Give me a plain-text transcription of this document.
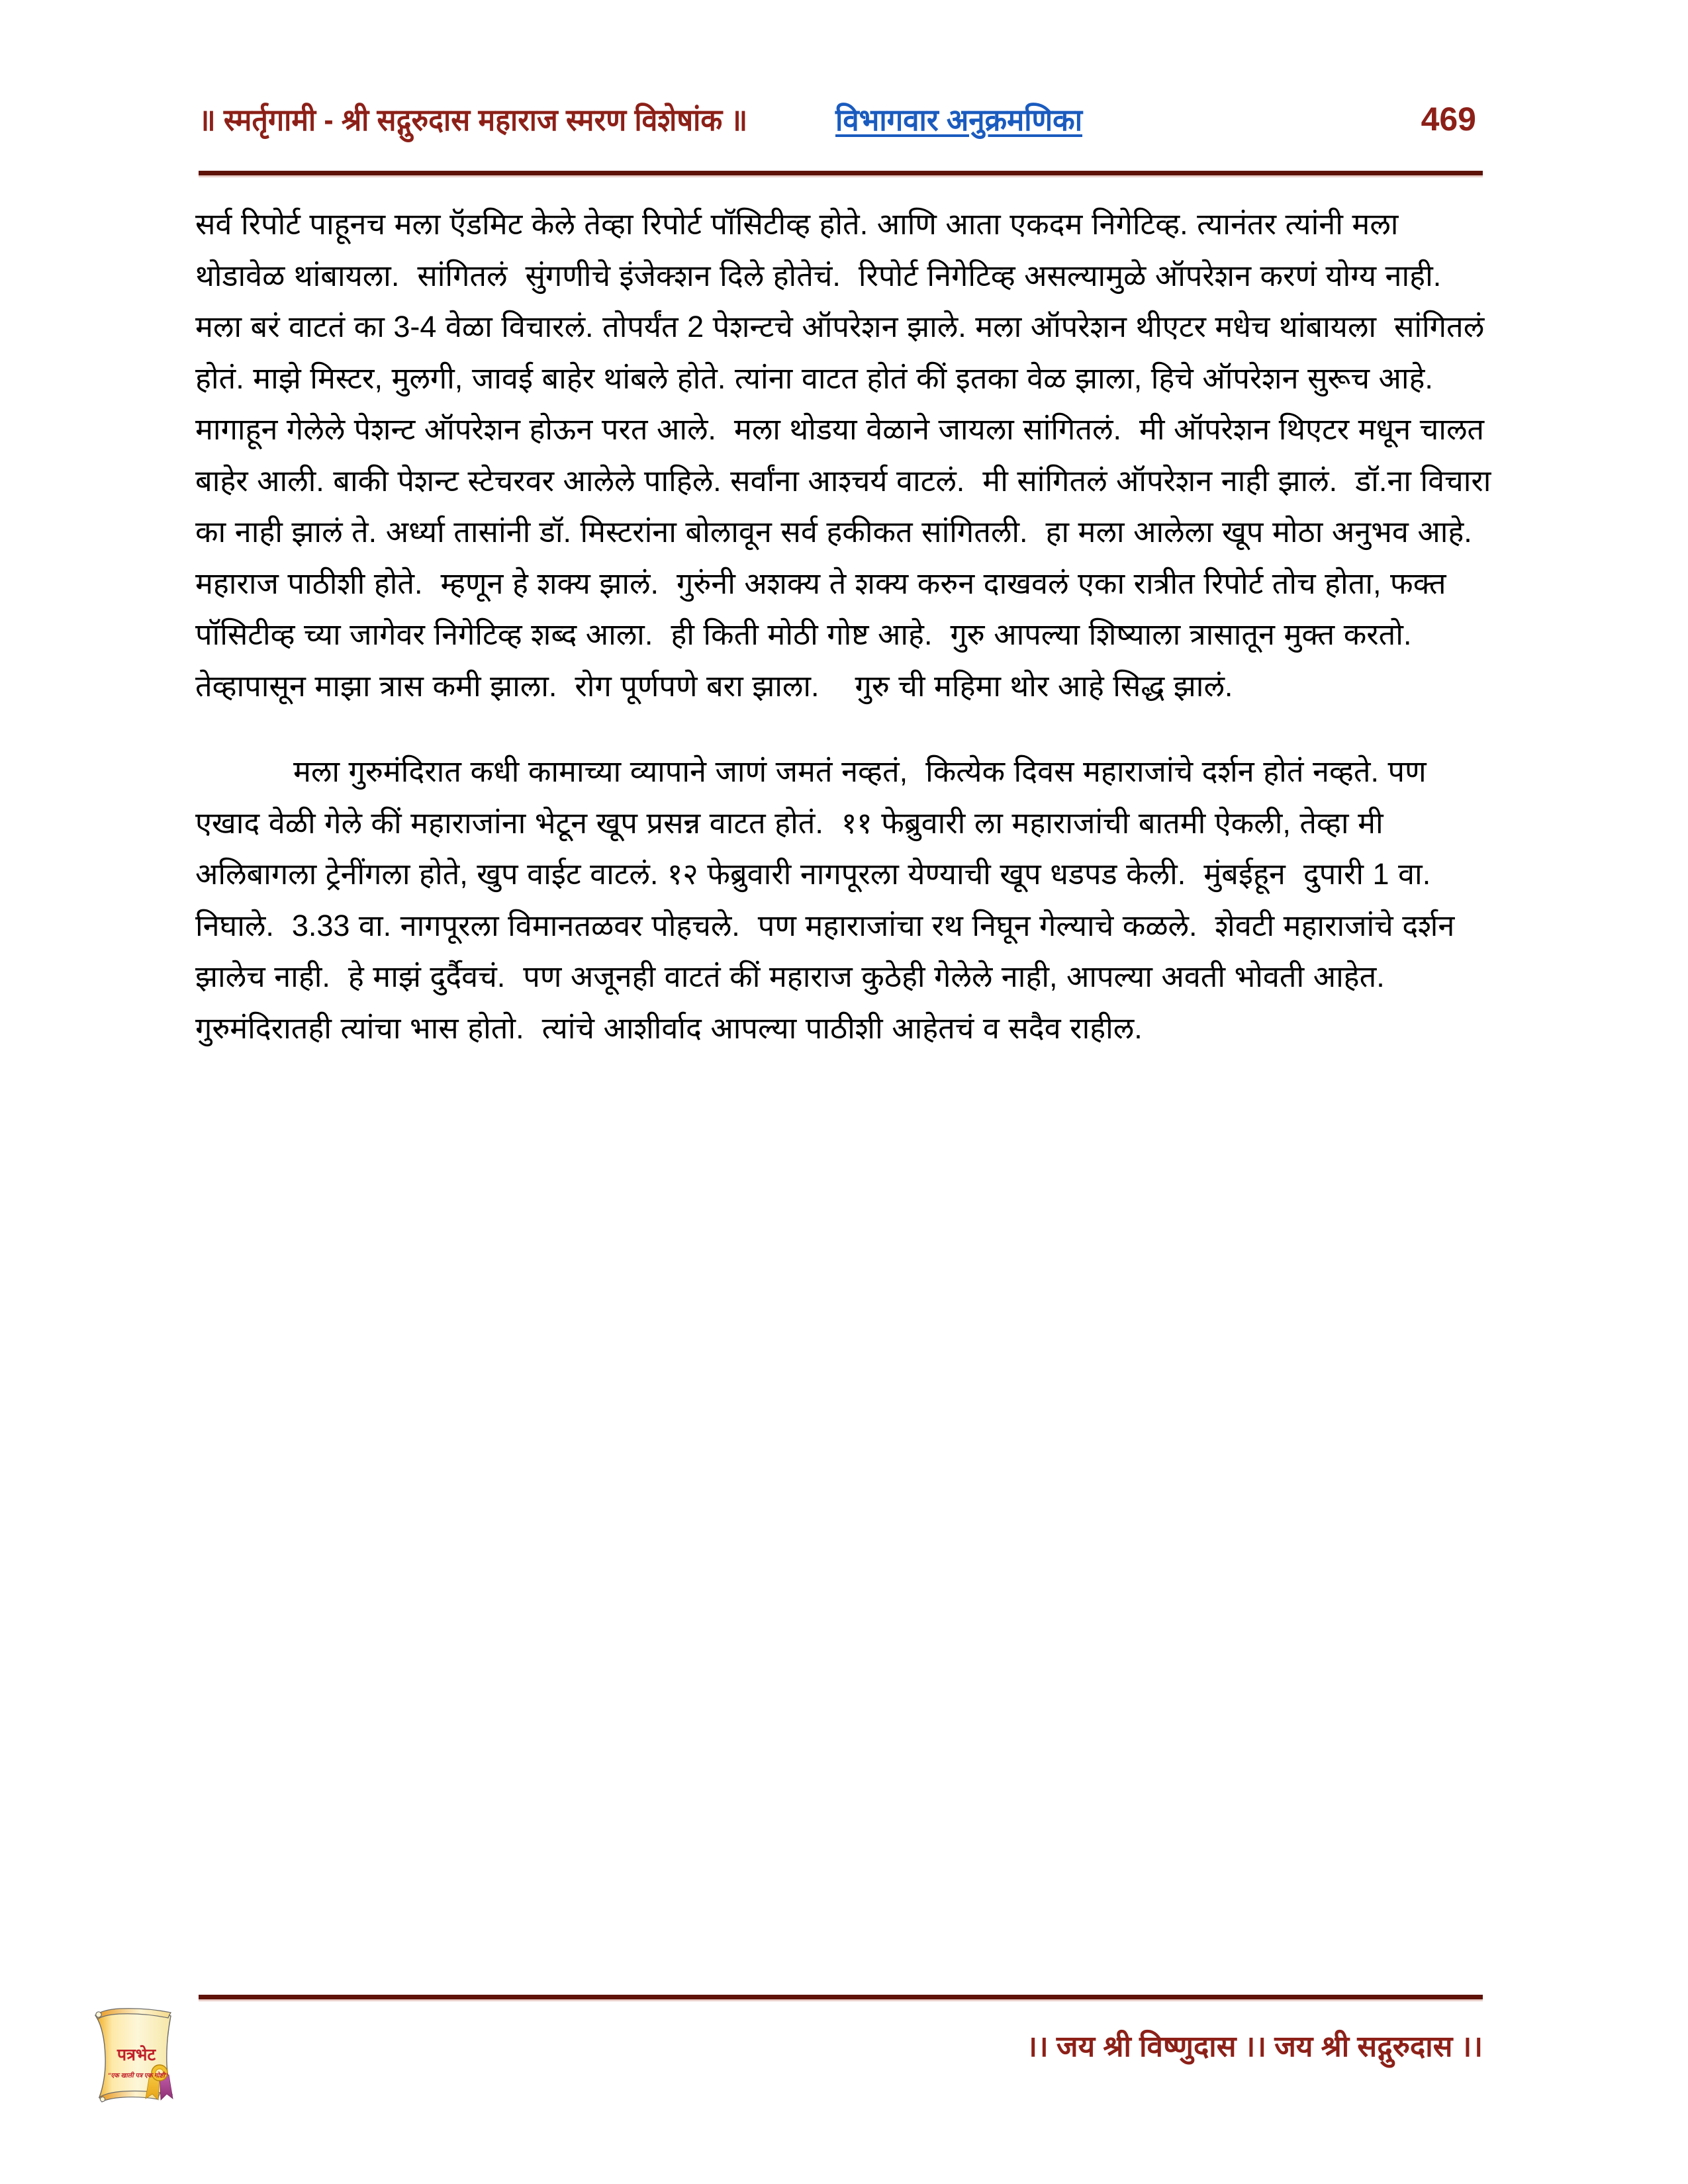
॥ स्मर्तृगामी - श्री सद्गुरुदास महाराज स्मरण विशेषांक ॥	विभागवार अनुक्रमणिका	469

सर्व रिपोर्ट पाहूनच मला ऍडमिट केले तेव्हा रिपोर्ट पॉसिटीव्ह होते. आणि आता एकदम निगेटिव्ह. त्यानंतर त्यांनी मला थोडावेळ थांबायला.  सांगितलं  सुंगणीचे इंजेक्शन दिले होतेचं.  रिपोर्ट निगेटिव्ह असल्यामुळे ऑपरेशन करणं योग्य नाही.  मला बरं वाटतं का 3-4 वेळा विचारलं. तोपर्यंत 2 पेशन्टचे ऑपरेशन झाले. मला ऑपरेशन थीएटर मधेच थांबायला  सांगितलं होतं. माझे मिस्टर, मुलगी, जावई बाहेर थांबले होते. त्यांना वाटत होतं कीं इतका वेळ झाला, हिचे ऑपरेशन सुरूच आहे.  मागाहून गेलेले पेशन्ट ऑपरेशन होऊन परत आले.  मला थोडया वेळाने जायला सांगितलं.  मी ऑपरेशन थिएटर मधून चालत बाहेर आली. बाकी पेशन्ट स्टेचरवर आलेले पाहिले. सर्वांना आश्चर्य वाटलं.  मी सांगितलं ऑपरेशन नाही झालं.  डॉ.ना विचारा का नाही झालं ते. अर्ध्या तासांनी डॉ. मिस्टरांना बोलावून सर्व हकीकत सांगितली.  हा मला आलेला खूप मोठा अनुभव आहे.  महाराज पाठीशी होते.  म्हणून हे शक्य झालं.  गुरुंनी अशक्य ते शक्य करुन दाखवलं एका रात्रीत रिपोर्ट तोच होता, फक्त पॉसिटीव्ह च्या जागेवर निगेटिव्ह शब्द आला.  ही किती मोठी गोष्ट आहे.  गुरु आपल्या शिष्याला त्रासातून मुक्त करतो.  तेव्हापासून माझा त्रास कमी झाला.  रोग पूर्णपणे बरा झाला.    गुरु ची महिमा थोर आहे सिद्ध झालं.

मला गुरुमंदिरात कधी कामाच्या व्यापाने जाणं जमतं नव्हतं,  कित्येक दिवस महाराजांचे दर्शन होतं नव्हते. पण एखाद वेळी गेले कीं महाराजांना भेटून खूप प्रसन्न वाटत होतं.  ११ फेब्रुवारी ला महाराजांची बातमी ऐकली, तेव्हा मी अलिबागला ट्रेनींगला होते, खुप वाईट वाटलं. १२ फेब्रुवारी नागपूरला येण्याची खूप धडपड केली.  मुंबईहून  दुपारी 1 वा. निघाले.  3.33 वा. नागपूरला विमानतळवर पोहचले.  पण महाराजांचा रथ निघून गेल्याचे कळले.  शेवटी महाराजांचे दर्शन झालेच नाही.  हे माझं दुर्दैवचं.  पण अजूनही वाटतं कीं महाराज कुठेही गेलेले नाही, आपल्या अवती भोवती आहेत.  गुरुमंदिरातही त्यांचा भास होतो.  त्यांचे आशीर्वाद आपल्या पाठीशी आहेतचं व सदैव राहील.

।। जय श्री विष्णुदास ।। जय श्री सद्गुरुदास ।।
पत्रभेट
"एक खाली पत्र एक गोष्टी"
